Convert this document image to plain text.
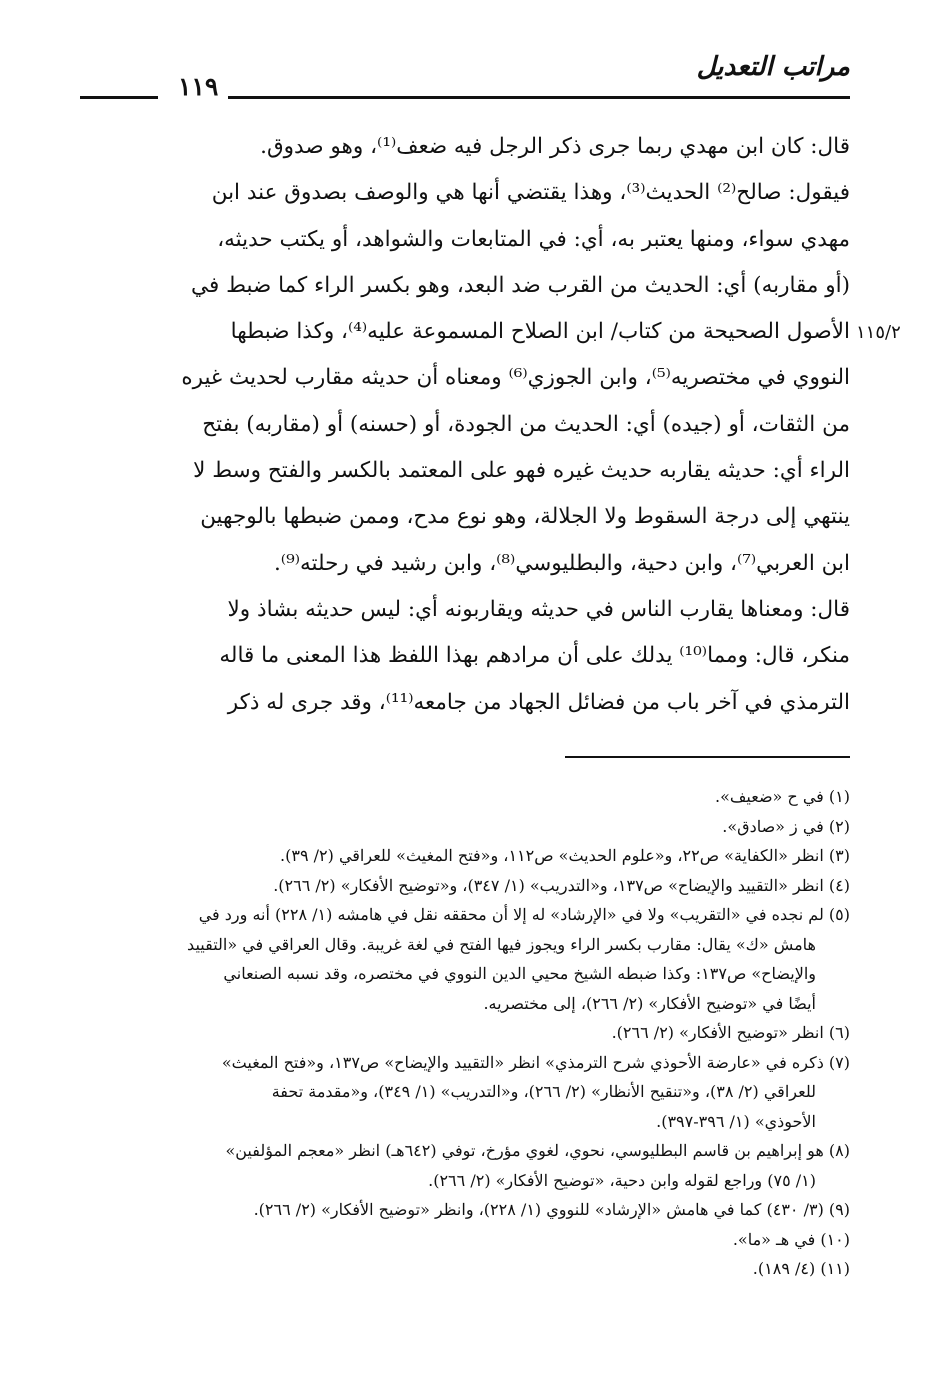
مراتب التعديل
١١٩
قال: كان ابن مهدي ربما جرى ذكر الرجل فيه ضعف⁽¹⁾، وهو صدوق.
فيقول: صالح⁽²⁾ الحديث⁽³⁾، وهذا يقتضي أنها هي والوصف بصدوق عند ابن
مهدي سواء، ومنها يعتبر به، أي: في المتابعات والشواهد، أو يكتب حديثه،
(أو مقاربه) أي: الحديث من القرب ضد البعد، وهو بكسر الراء كما ضبط في
الأصول الصحيحة من كتاب/ ابن الصلاح المسموعة عليه⁽⁴⁾، وكذا ضبطها
النووي في مختصريه⁽⁵⁾، وابن الجوزي⁽⁶⁾ ومعناه أن حديثه مقارب لحديث غيره
من الثقات، أو (جيده) أي: الحديث من الجودة، أو (حسنه) أو (مقاربه) بفتح
الراء أي: حديثه يقاربه حديث غيره فهو على المعتمد بالكسر والفتح وسط لا
ينتهي إلى درجة السقوط ولا الجلالة، وهو نوع مدح، وممن ضبطها بالوجهين
ابن العربي⁽⁷⁾، وابن دحية، والبطليوسي⁽⁸⁾، وابن رشيد في رحلته⁽⁹⁾.
قال: ومعناها يقارب الناس في حديثه ويقاربونه أي: ليس حديثه بشاذ ولا
منكر، قال: ومما⁽¹⁰⁾ يدلك على أن مرادهم بهذا اللفظ هذا المعنى ما قاله
الترمذي في آخر باب من فضائل الجهاد من جامعه⁽¹¹⁾، وقد جرى له ذكر
١١٥/٢
(١) في ح «ضعيف».
(٢) في ز «صادق».
(٣) انظر «الكفاية» ص٢٢، و«علوم الحديث» ص١١٢، و«فتح المغيث» للعراقي (٢/ ٣٩).
(٤) انظر «التقييد والإيضاح» ص١٣٧، و«التدريب» (١/ ٣٤٧)، و«توضيح الأفكار» (٢/ ٢٦٦).
(٥) لم نجده في «التقريب» ولا في «الإرشاد» له إلا أن محققه نقل في هامشه (١/ ٢٢٨) أنه ورد في
هامش «ك» يقال: مقارب بكسر الراء ويجوز فيها الفتح في لغة غريبة. وقال العراقي في «التقييد
والإيضاح» ص١٣٧: وكذا ضبطه الشيخ محيي الدين النووي في مختصره، وقد نسبه الصنعاني
أيضًا في «توضيح الأفكار» (٢/ ٢٦٦)، إلى مختصريه.
(٦) انظر «توضيح الأفكار» (٢/ ٢٦٦).
(٧) ذكره في «عارضة الأحوذي شرح الترمذي» انظر «التقييد والإيضاح» ص١٣٧، و«فتح المغيث»
للعراقي (٢/ ٣٨)، و«تنقيح الأنظار» (٢/ ٢٦٦)، و«التدريب» (١/ ٣٤٩)، و«مقدمة تحفة
الأحوذي» (١/ ٣٩٦-٣٩٧).
(٨) هو إبراهيم بن قاسم البطليوسي، نحوي، لغوي مؤرخ، توفي (٦٤٢هـ) انظر «معجم المؤلفين»
(١/ ٧٥) وراجع لقوله وابن دحية، «توضيح الأفكار» (٢/ ٢٦٦).
(٩) (٣/ ٤٣٠) كما في هامش «الإرشاد» للنووي (١/ ٢٢٨)، وانظر «توضيح الأفكار» (٢/ ٢٦٦).
(١٠) في هـ «ما».
(١١) (٤/ ١٨٩).
